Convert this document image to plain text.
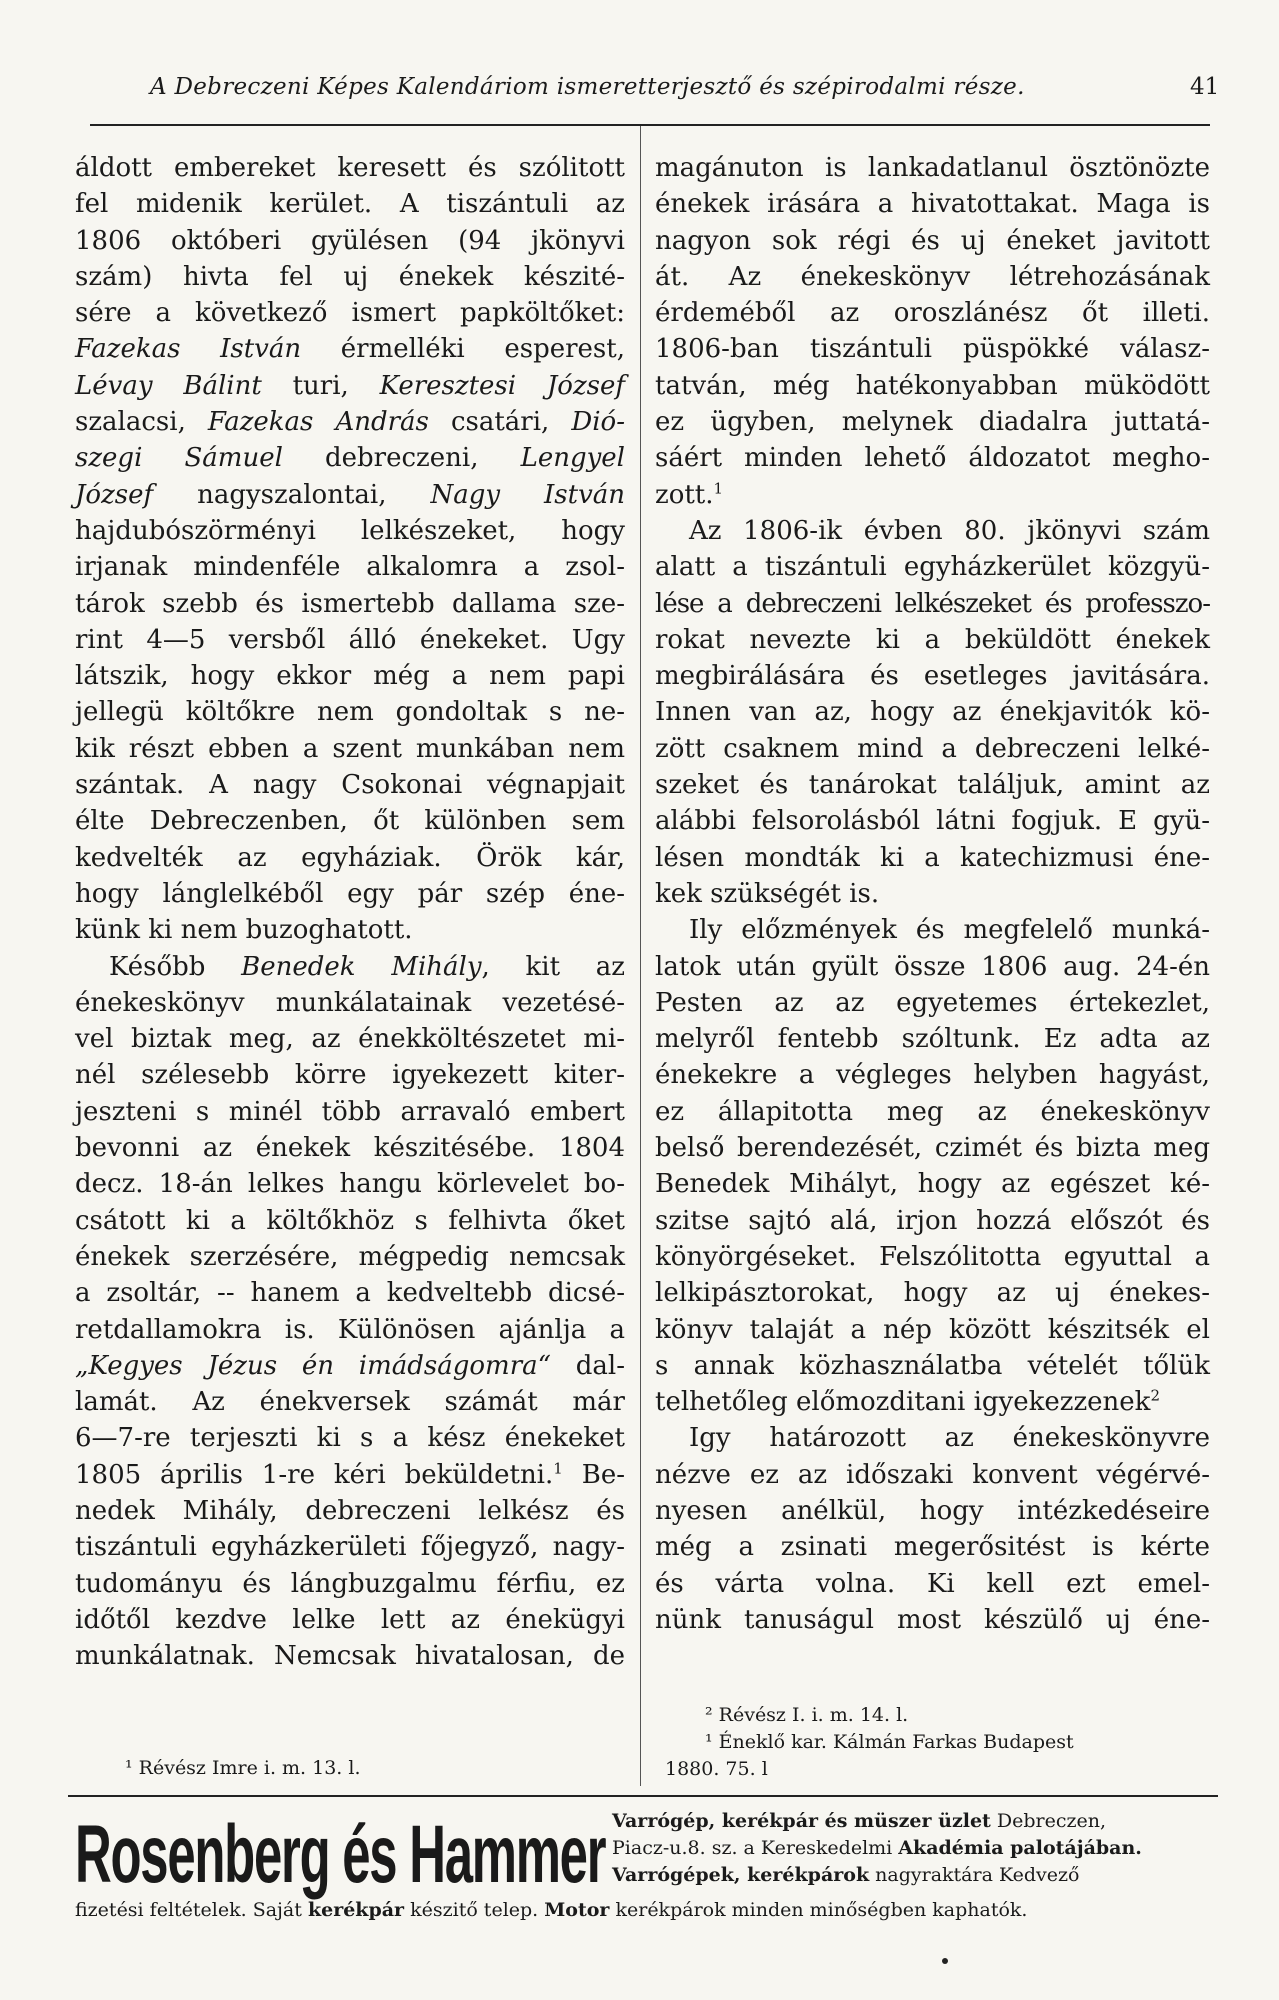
A Debreczeni Képes Kalendáriom ismeretterjesztő és szépirodalmi része.	41
áldott embereket keresett és szólitott
fel midenik kerület. A tiszántuli az
1806 októberi gyülésen (94 jkönyvi
szám) hivta fel uj énekek készité-
sére a következő ismert papköltőket:
Fazekas István érmelléki esperest,
Lévay Bálint turi, Keresztesi József
szalacsi, Fazekas András csatári, Dió-
szegi Sámuel debreczeni, Lengyel
József nagyszalontai, Nagy István
hajdubószörményi lelkészeket, hogy
irjanak mindenféle alkalomra a zsol-
tárok szebb és ismertebb dallama sze-
rint 4—5 versből álló énekeket. Ugy
látszik, hogy ekkor még a nem papi
jellegü költőkre nem gondoltak s ne-
kik részt ebben a szent munkában nem
szántak. A nagy Csokonai végnapjait
élte Debreczenben, őt különben sem
kedvelték az egyháziak. Örök kár,
hogy lánglelkéből egy pár szép éne-
künk ki nem buzoghatott.
Később Benedek Mihály, kit az
énekeskönyv munkálatainak vezetésé-
vel biztak meg, az énekköltészetet mi-
nél szélesebb körre igyekezett kiter-
jeszteni s minél több arravaló embert
bevonni az énekek készitésébe. 1804
decz. 18-án lelkes hangu körlevelet bo-
csátott ki a költőkhöz s felhivta őket
énekek szerzésére, mégpedig nemcsak
a zsoltár, -- hanem a kedveltebb dicsé-
retdallamokra is. Különösen ajánlja a
„Kegyes Jézus én imádságomra“ dal-
lamát. Az énekversek számát már
6—7-re terjeszti ki s a kész énekeket
1805 április 1-re kéri beküldetni.$^1$ Be-
nedek Mihály, debreczeni lelkész és
tiszántuli egyházkerületi főjegyző, nagy-
tudományu és lángbuzgalmu férfiu, ez
időtől kezdve lelke lett az énekügyi
munkálatnak. Nemcsak hivatalosan, de
magánuton is lankadatlanul ösztönözte
énekek irására a hivatottakat. Maga is
nagyon sok régi és uj éneket javitott
át. Az énekeskönyv létrehozásának
érdeméből az oroszlánész őt illeti.
1806-ban tiszántuli püspökké válasz-
tatván, még hatékonyabban müködött
ez ügyben, melynek diadalra juttatá-
sáért minden lehető áldozatot megho-
zott.$^1$
Az 1806-ik évben 80. jkönyvi szám
alatt a tiszántuli egyházkerület közgyü-
lése a debreczeni lelkészeket és professzo-
rokat nevezte ki a beküldött énekek
megbirálására és esetleges javitására.
Innen van az, hogy az énekjavitók kö-
zött csaknem mind a debreczeni lelké-
szeket és tanárokat találjuk, amint az
alábbi felsorolásból látni fogjuk. E gyü-
lésen mondták ki a katechizmusi éne-
kek szükségét is.
Ily előzmények és megfelelő munká-
latok után gyült össze 1806 aug. 24-én
Pesten az az egyetemes értekezlet,
melyről fentebb szóltunk. Ez adta az
énekekre a végleges helyben hagyást,
ez állapitotta meg az énekeskönyv
belső berendezését, czimét és bizta meg
Benedek Mihályt, hogy az egészet ké-
szitse sajtó alá, irjon hozzá előszót és
könyörgéseket. Felszólitotta egyuttal a
lelkipásztorokat, hogy az uj énekes-
könyv talaját a nép között készitsék el
s annak közhasználatba vételét tőlük
telhetőleg előmozditani igyekezzenek$^2$
Igy határozott az énekeskönyvre
nézve ez az időszaki konvent végérvé-
nyesen anélkül, hogy intézkedéseire
még a zsinati megerősitést is kérte
és várta volna. Ki kell ezt emel-
nünk tanuságul most készülő uj éne-
² Révész I. i. m. 14. l.
¹ Éneklő kar. Kálmán Farkas Budapest
1880. 75. l
¹ Révész Imre i. m. 13. l.
Rosenberg és Hammer Varrógép, kerékpár és müszer üzlet Debreczen,
Piacz-u.8. sz. a Kereskedelmi Akadémia palotájában.
Varrógépek, kerékpárok nagyraktára Kedvező
fizetési feltételek. Saját kerékpár készitő telep. Motor kerékpárok minden minőségben kaphatók.
